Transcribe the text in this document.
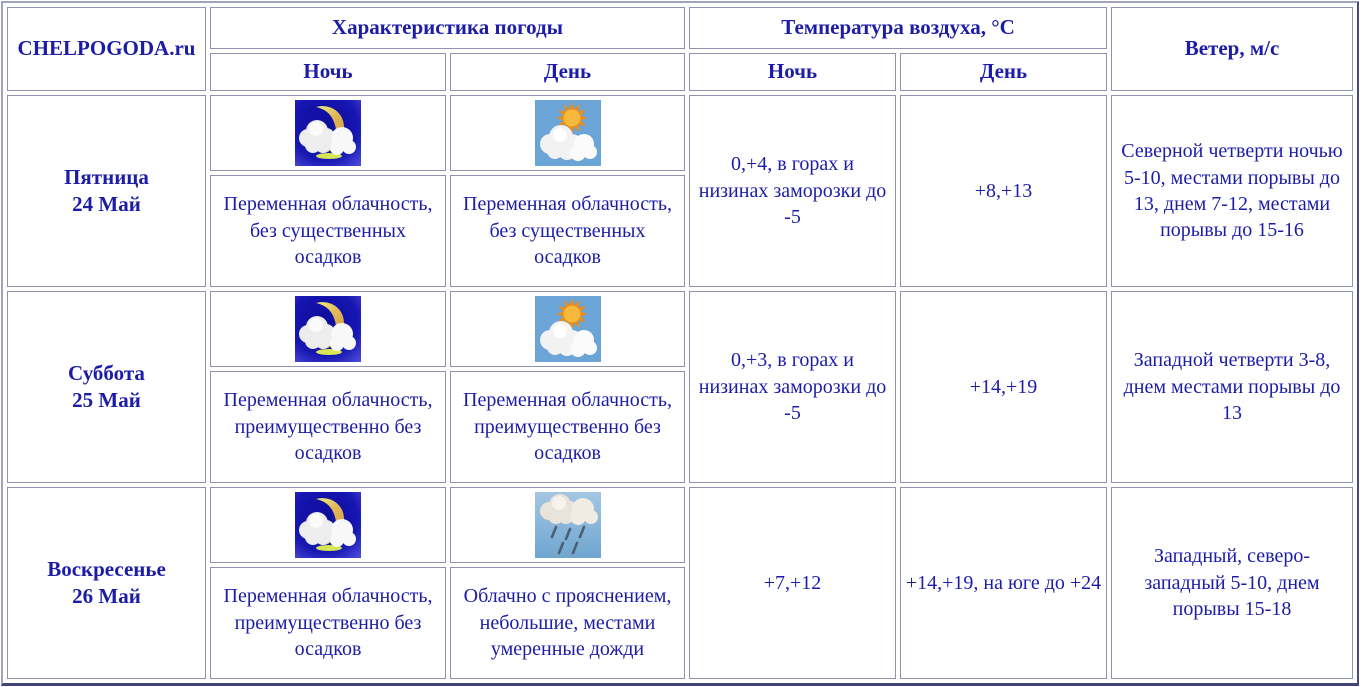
CHELPOGODA.ru	Характеристика погоды		Температура воздуха, °C		Ветер, м/с
	Ночь	День	Ночь	День	

Пятница
24 Май	Переменная облачность, без существенных осадков	Переменная облачность, без существенных осадков	0,+4, в горах и низинах заморозки до -5	+8,+13	Северной четверти ночью 5-10, местами порывы до 13, днем 7-12, местами порывы до 15-16

Суббота
25 Май	Переменная облачность, преимущественно без осадков	Переменная облачность, преимущественно без осадков	0,+3, в горах и низинах заморозки до -5	+14,+19	Западной четверти 3-8, днем местами порывы до 13

Воскресенье
26 Май	Переменная облачность, преимущественно без осадков	Облачно с прояснением, небольшие, местами умеренные дожди	+7,+12	+14,+19, на юге до +24	Западный, северо-западный 5-10, днем порывы 15-18
